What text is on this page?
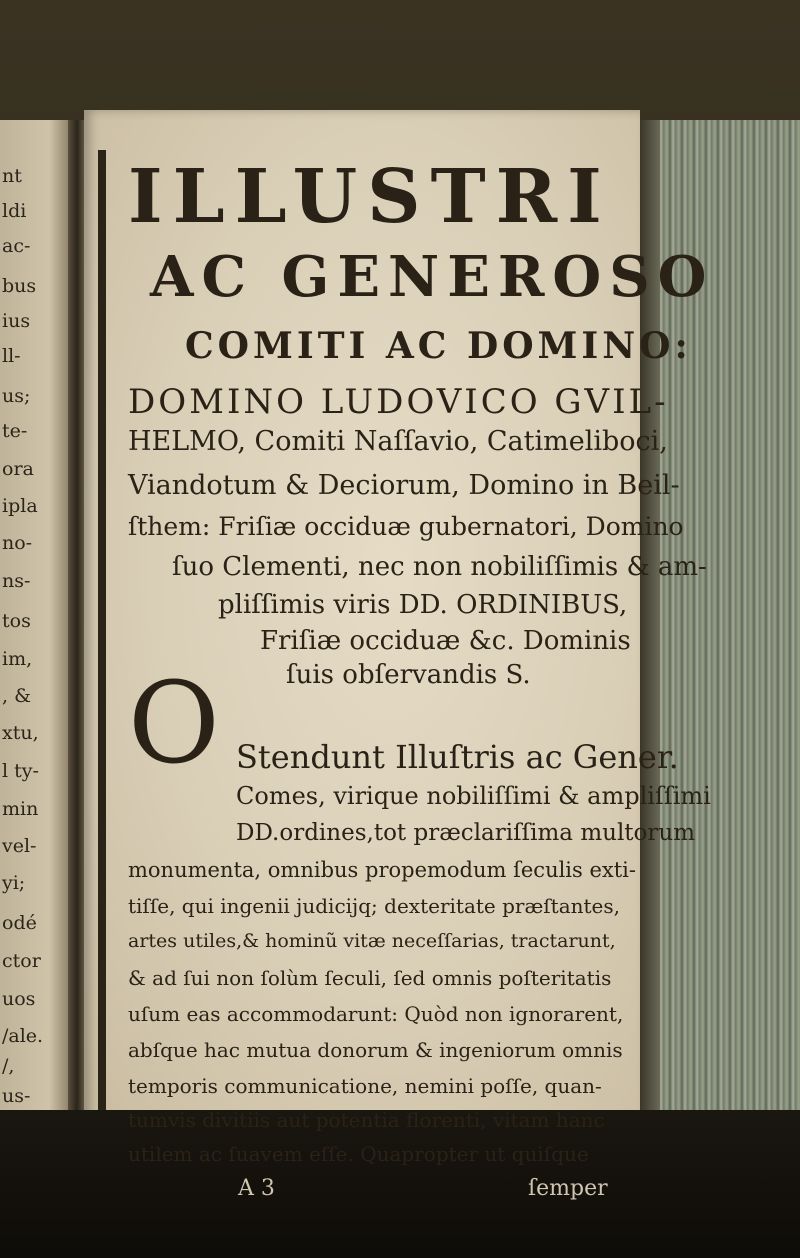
nt
ldi
ac-
bus
ius
ll-
us;
te-
ora
ipla
no-
ns-
tos
im,
, &
xtu,
l ty-
min
vel-
yi;
odé
ctor
uos
/ale.
/,
us-
ILLUSTRI
AC GENEROSO
COMITI AC DOMINO:
DOMINO LUDOVICO GVIL-
HELMO, Comiti Naſſavio, Catimeliboci,
Viandotum & Deciorum, Domino in Beil-
ſthem: Friſiæ occiduæ gubernatori, Domino
ſuo Clementi, nec non nobiliſſimis & am-
pliſſimis viris DD. ORDINIBUS,
Friſiæ occiduæ &c. Dominis
ſuis obſervandis S.
O Stendunt Illuſtris ac Gener.
Comes, virique nobiliſſimi & ampliſſimi
DD.ordines,tot præclariſſima multorum
monumenta, omnibus propemodum ſeculis exti-
tiſſe, qui ingenii judicijq; dexteritate præſtantes,
artes utiles,& hominũ vitæ neceſſarias, tractarunt,
& ad ſui non ſolùm ſeculi, ſed omnis poſteritatis
uſum eas accommodarunt: Quòd non ignorarent,
abſque hac mutua donorum & ingeniorum omnis
temporis communicatione, nemini poſſe, quan-
tumvis divitiis aut potentia florenti, vitam hanc
utilem ac ſuavem eſſe. Quapropter ut quiſque
A 3	ſemper
